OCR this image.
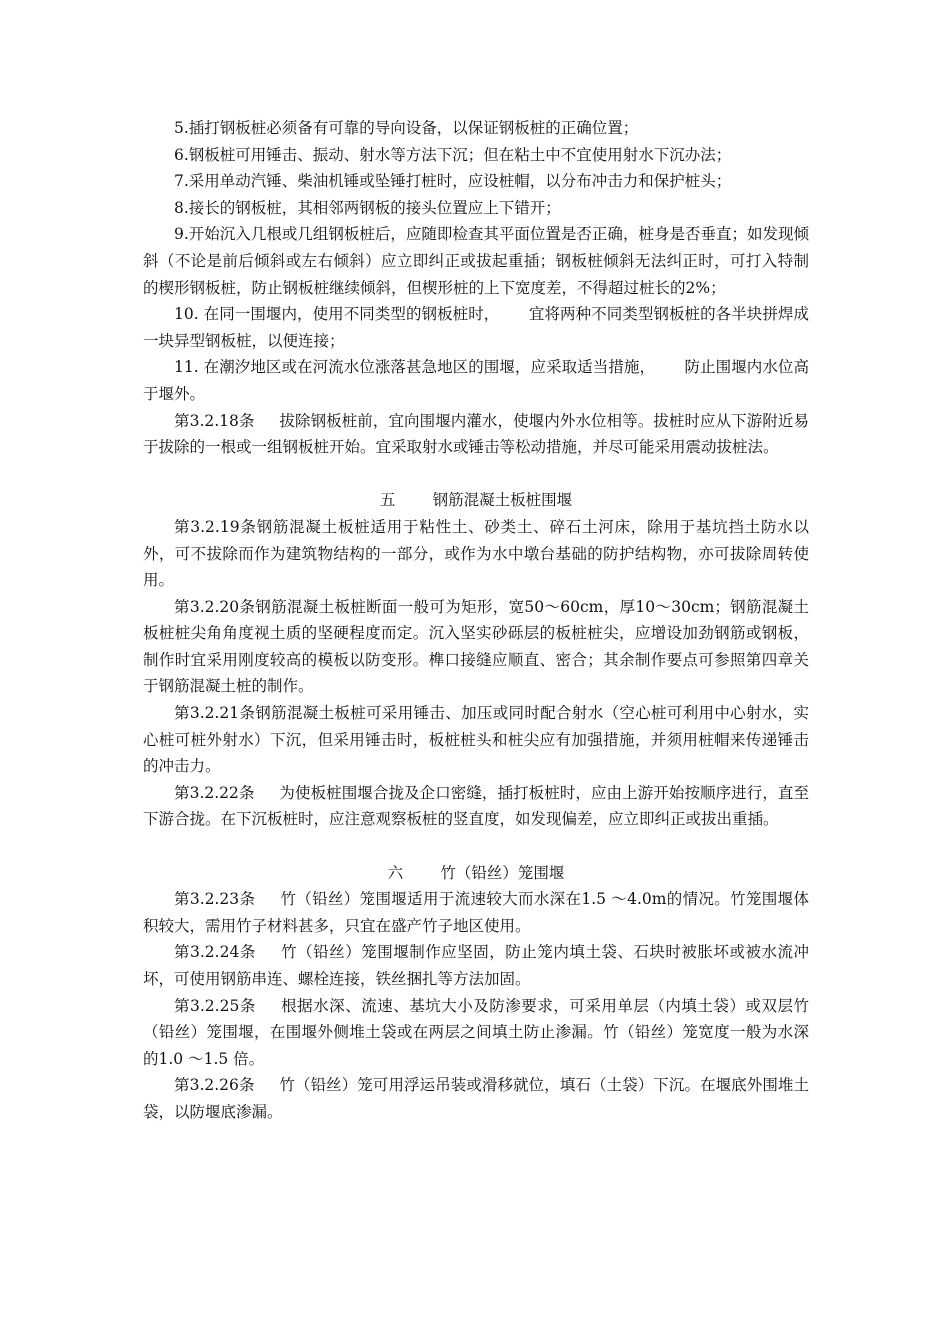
5.插打钢板桩必须备有可靠的导向设备，以保证钢板桩的正确位置；

6.钢板桩可用锤击、振动、射水等方法下沉；但在粘土中不宜使用射水下沉办法；

7.采用单动汽锤、柴油机锤或坠锤打桩时，应设桩帽，以分布冲击力和保护桩头；

8.接长的钢板桩，其相邻两钢板的接头位置应上下错开；

9.开始沉入几根或几组钢板桩后，应随即检查其平面位置是否正确，桩身是否垂直；如发现倾斜（不论是前后倾斜或左右倾斜）应立即纠正或拔起重插；钢板桩倾斜无法纠正时，可打入特制的楔形钢板桩，防止钢板桩继续倾斜，但楔形桩的上下宽度差，不得超过桩长的2%；

10. 在同一围堰内，使用不同类型的钢板桩时， 宜将两种不同类型钢板桩的各半块拼焊成一块异型钢板桩，以便连接；

11. 在潮汐地区或在河流水位涨落甚急地区的围堰，应采取适当措施， 防止围堰内水位高于堰外。

第3.2.18条 拔除钢板桩前，宜向围堰内灌水，使堰内外水位相等。拔桩时应从下游附近易于拔除的一根或一组钢板桩开始。宜采取射水或锤击等松动措施，并尽可能采用震动拔桩法。

五 钢筋混凝土板桩围堰

第3.2.19条钢筋混凝土板桩适用于粘性土、砂类土、碎石土河床，除用于基坑挡土防水以外，可不拔除而作为建筑物结构的一部分，或作为水中墩台基础的防护结构物，亦可拔除周转使用。

第3.2.20条钢筋混凝土板桩断面一般可为矩形，宽50～60cm，厚10～30cm；钢筋混凝土板桩桩尖角角度视土质的坚硬程度而定。沉入坚实砂砾层的板桩桩尖，应增设加劲钢筋或钢板，制作时宜采用刚度较高的模板以防变形。榫口接缝应顺直、密合；其余制作要点可参照第四章关于钢筋混凝土桩的制作。

第3.2.21条钢筋混凝土板桩可采用锤击、加压或同时配合射水（空心桩可利用中心射水，实心桩可桩外射水）下沉，但采用锤击时，板桩桩头和桩尖应有加强措施，并须用桩帽来传递锤击的冲击力。

第3.2.22条 为使板桩围堰合拢及企口密缝，插打板桩时，应由上游开始按顺序进行，直至下游合拢。在下沉板桩时，应注意观察板桩的竖直度，如发现偏差，应立即纠正或拔出重插。

六 竹（铅丝）笼围堰

第3.2.23条 竹（铅丝）笼围堰适用于流速较大而水深在1.5 ～4.0m的情况。竹笼围堰体积较大，需用竹子材料甚多，只宜在盛产竹子地区使用。

第3.2.24条 竹（铅丝）笼围堰制作应坚固，防止笼内填土袋、石块时被胀坏或被水流冲坏，可使用钢筋串连、螺栓连接，铁丝捆扎等方法加固。

第3.2.25条 根据水深、流速、基坑大小及防渗要求，可采用单层（内填土袋）或双层竹（铅丝）笼围堰，在围堰外侧堆土袋或在两层之间填土防止渗漏。竹（铅丝）笼宽度一般为水深的1.0 ～1.5 倍。

第3.2.26条 竹（铅丝）笼可用浮运吊装或滑移就位，填石（土袋）下沉。在堰底外围堆土袋，以防堰底渗漏。
